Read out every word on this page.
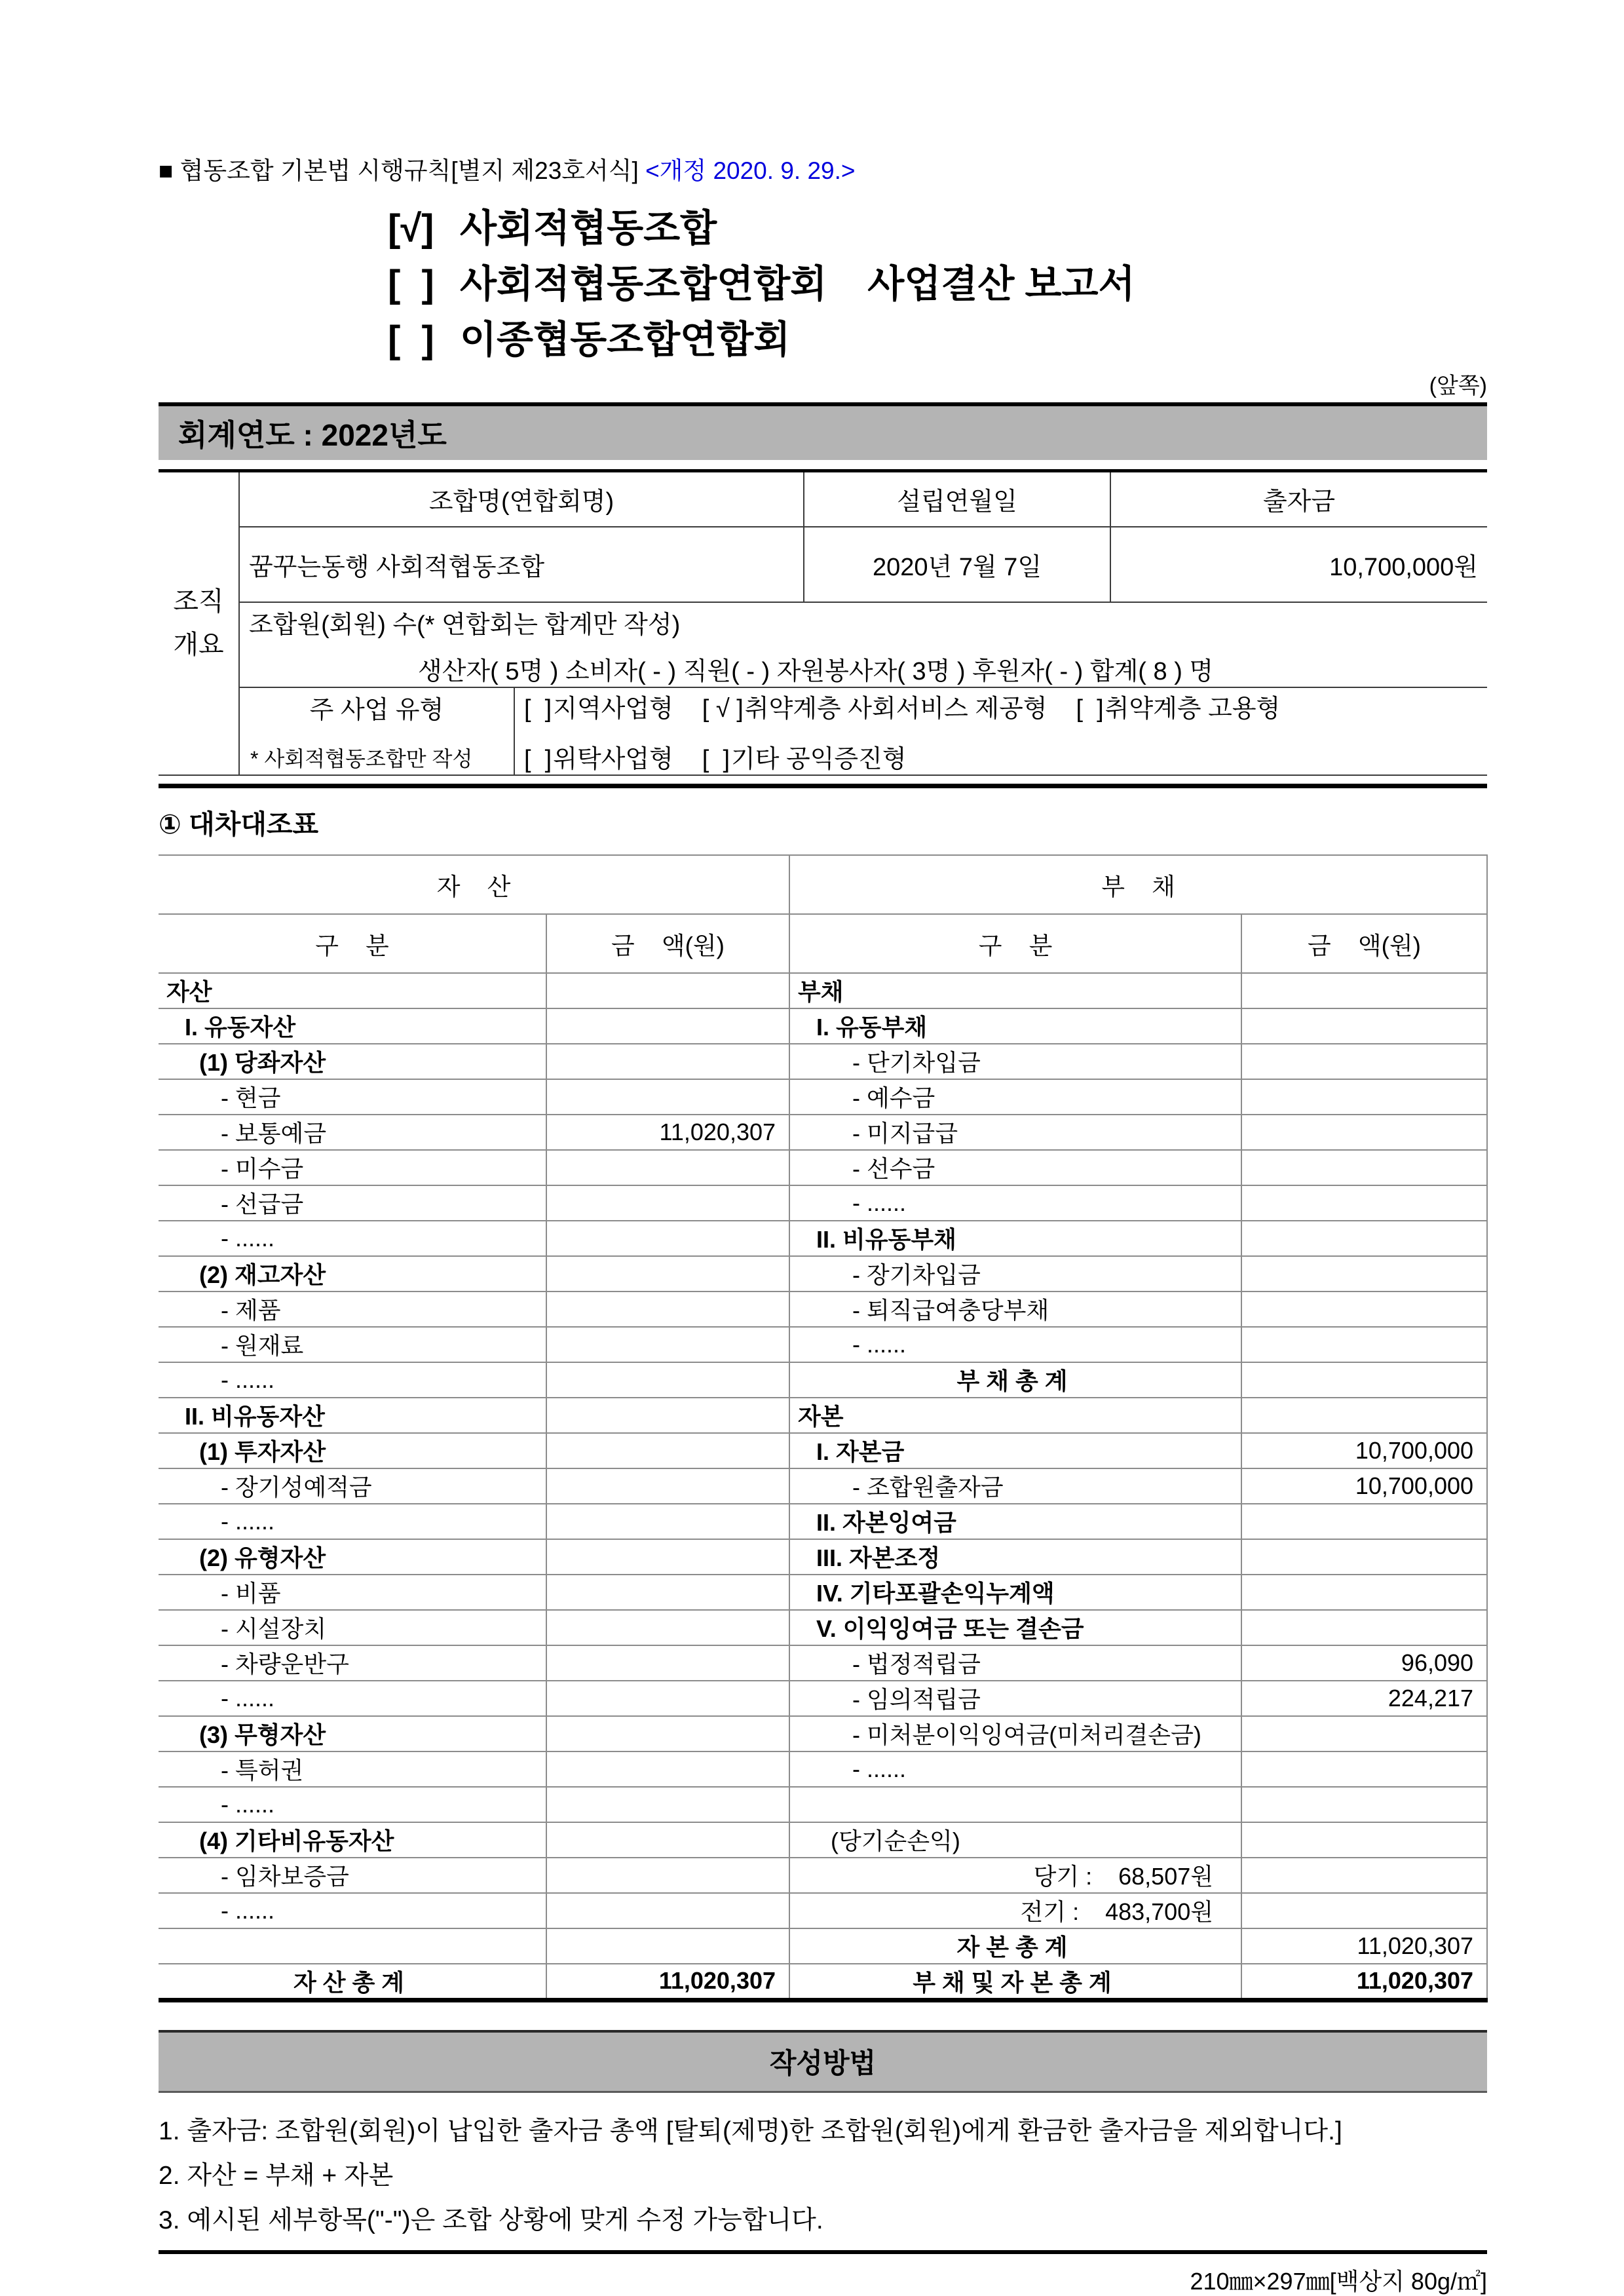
■ 협동조합 기본법 시행규칙[별지 제23호서식] <개정 2020. 9. 29.>
[√] 사회적협동조합
[  ] 사회적협동조합연합회 사업결산 보고서
[  ] 이종협동조합연합회
(앞쪽)
회계연도 : 2022년도
조직
개요	조합명(연합회명)		설립연월일	출자금
	꿈꾸는동행 사회적협동조합		2020년 7월 7일	10,700,000원

	조합원(회원) 수(* 연합회는 합계만 작성)
생산자( 5명 ) 소비자( - ) 직원( - ) 자원봉사자( 3명 ) 후원자( - ) 합계( 8 ) 명			

주 사업 유형
* 사회적협동조합만 작성

[  ]지역사업형 [ √ ]취약계층 사회서비스 제공형 [  ]취약계층 고용형
[  ]위탁사업형 [  ]기타 공익증진형
① 대차대조표
자    산		부    채	
구    분	금    액(원)	구    분	금    액(원)
자산		부채	
I. 유동자산		I. 유동부채	
(1) 당좌자산		- 단기차입금	
- 현금		- 예수금	
- 보통예금	11,020,307	- 미지급급	
- 미수금		- 선수금	
- 선급금		- ......	
- ......		II. 비유동부채	
(2) 재고자산		- 장기차입금	
- 제품		- 퇴직급여충당부채	
- 원재료		- ......	
- ......		부 채 총 계	
II. 비유동자산		자본	
(1) 투자자산		I. 자본금	10,700,000
- 장기성예적금		- 조합원출자금	10,700,000
- ......		II. 자본잉여금	
(2) 유형자산		III. 자본조정	
- 비품		IV. 기타포괄손익누계액	
- 시설장치		V. 이익잉여금 또는 결손금	
- 차량운반구		- 법정적립금	96,090
- ......		- 임의적립금	224,217
(3) 무형자산		- 미처분이익잉여금(미처리결손금)	
- 특허권		- ......	
- ......			
(4) 기타비유동자산		(당기순손익)	
- 임차보증금		당기 :    68,507원	
- ......		전기 :    483,700원	
		자 본 총 계	11,020,307
자 산 총 계	11,020,307	부 채 및 자 본 총 계	11,020,307
작성방법
1. 출자금: 조합원(회원)이 납입한 출자금 총액 [탈퇴(제명)한 조합원(회원)에게 환금한 출자금을 제외합니다.]
2. 자산 = 부채 + 자본
3. 예시된 세부항목("-")은 조합 상황에 맞게 수정 가능합니다.
210㎜×297㎜[백상지 80g/㎡]
